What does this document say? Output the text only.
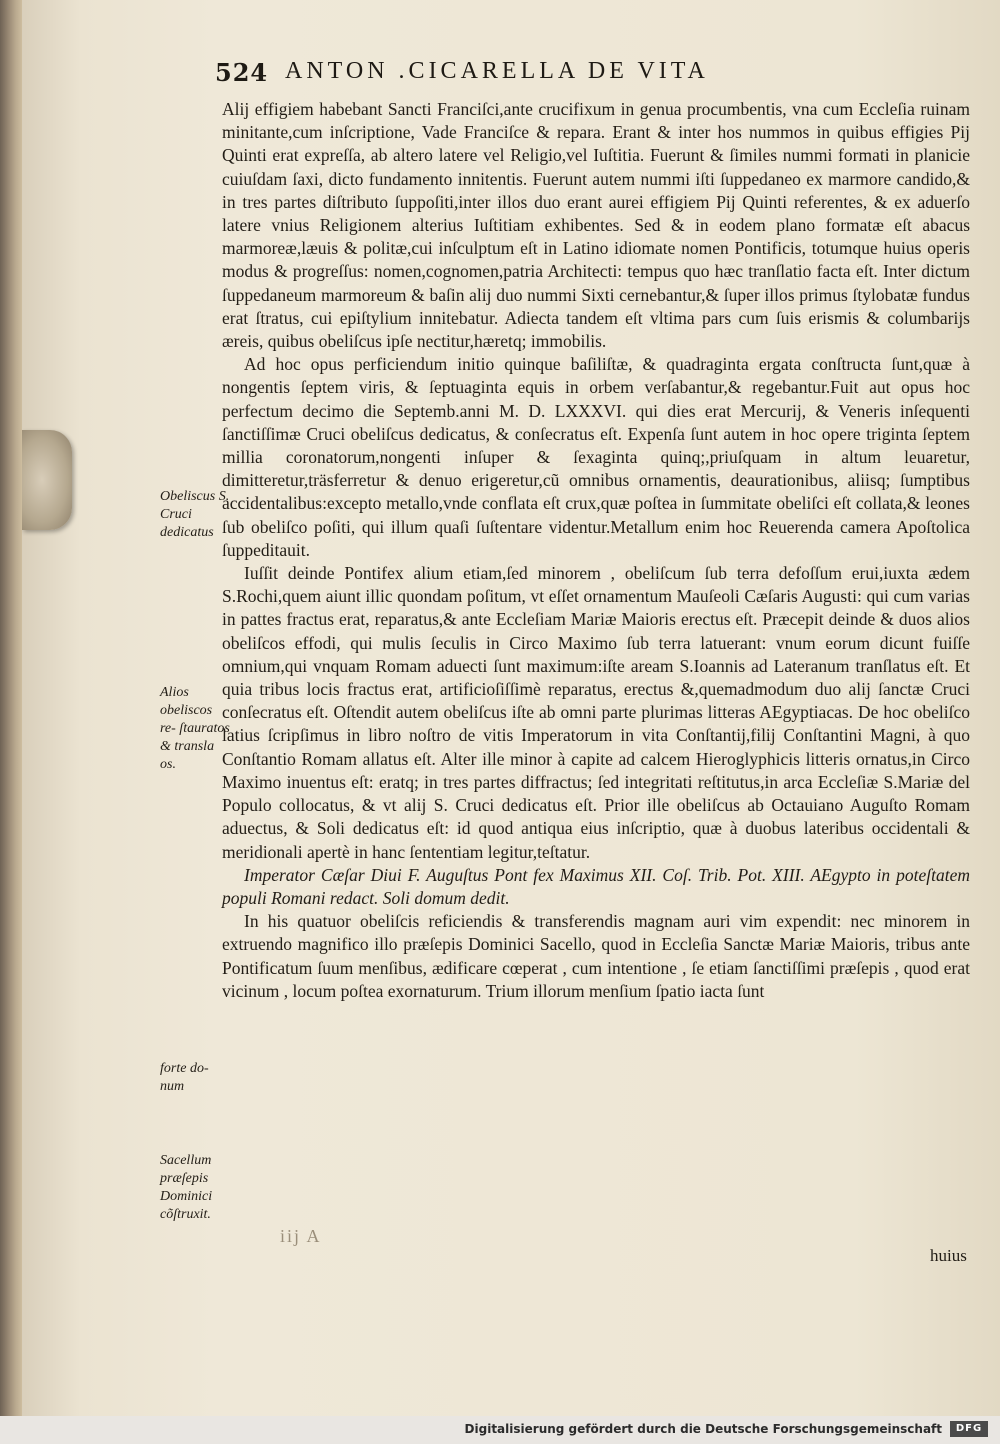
524 ANTON .CICARELLA DE VITA
Obeliscus S. Cruci dedicatus
Alios obeliscos re- ſtauratos & transla os.
forte do- num
Sacellum præſepis Dominici cõſtruxit.

Alij effigiem habebant Sancti Franciſci,ante crucifixum in genua procumbentis, vna cum Eccleſia ruinam minitante,cum inſcriptione, Vade Franciſce & repara. Erant & inter hos nummos in quibus effigies Pij Quinti erat expreſſa, ab altero latere vel Religio,vel Iuſtitia. Fuerunt & ſimiles nummi formati in planicie cuiuſdam ſaxi, dicto fundamento innitentis. Fuerunt autem nummi iſti ſuppedaneo ex marmore candido,& in tres partes diſtributo ſuppoſiti,inter illos duo erant aurei effigiem Pij Quinti referentes, & ex aduerſo latere vnius Religionem alterius Iuſtitiam exhibentes. Sed & in eodem plano formatæ eſt abacus marmoreæ,læuis & politæ,cui inſculptum eſt in Latino idiomate nomen Pontificis, totumque huius operis modus & progreſſus: nomen,cognomen,patria Architecti: tempus quo hæc tranſlatio facta eſt. Inter dictum ſuppedaneum marmoreum & baſin alij duo nummi Sixti cernebantur,& ſuper illos primus ſtylobatæ fundus erat ſtratus, cui epiſtylium innitebatur. Adiecta tandem eſt vltima pars cum ſuis erismis & columbarijs æreis, quibus obeliſcus ipſe nectitur,hæretq; immobilis.

Ad hoc opus perficiendum initio quinque baſiliſtæ, & quadraginta ergata conſtructa ſunt,quæ à nongentis ſeptem viris, & ſeptuaginta equis in orbem verſabantur,& regebantur.Fuit aut opus hoc perfectum decimo die Septemb.anni M. D. LXXXVI. qui dies erat Mercurij, & Veneris inſequenti ſanctiſſimæ Cruci obeliſcus dedicatus, & conſecratus eſt. Expenſa ſunt autem in hoc opere triginta ſeptem millia coronatorum,nongenti inſuper & ſexaginta quinq;,priuſquam in altum leuaretur, dimitteretur,träsferretur & denuo erigeretur,cũ omnibus ornamentis, deaurationibus, aliisq; ſumptibus accidentalibus:excepto metallo,vnde conflata eſt crux,quæ poſtea in ſummitate obeliſci eſt collata,& leones ſub obeliſco poſiti, qui illum quaſi ſuſtentare videntur.Metallum enim hoc Reuerenda camera Apoſtolica ſuppeditauit.

Iuſſit deinde Pontifex alium etiam,ſed minorem , obeliſcum ſub terra defoſſum erui,iuxta ædem S.Rochi,quem aiunt illic quondam poſitum, vt eſſet ornamentum Mauſeoli Cæſaris Augusti: qui cum varias in pattes fractus erat, reparatus,& ante Eccleſiam Mariæ Maioris erectus eſt. Præcepit deinde & duos alios obeliſcos effodi, qui mulis ſeculis in Circo Maximo ſub terra latuerant: vnum eorum dicunt fuiſſe omnium,qui vnquam Romam aduecti ſunt maximum:iſte aream S.Ioannis ad Lateranum tranſlatus eſt. Et quia tribus locis fractus erat, artificioſiſſimè reparatus, erectus &,quemadmodum duo alij ſanctæ Cruci conſecratus eſt. Oſtendit autem obeliſcus iſte ab omni parte plurimas litteras AEgyptiacas. De hoc obeliſco latius ſcripſimus in libro noſtro de vitis Imperatorum in vita Conſtantij,filij Conſtantini Magni, à quo Conſtantio Romam allatus eſt. Alter ille minor à capite ad calcem Hieroglyphicis litteris ornatus,in Circo Maximo inuentus eſt: eratq; in tres partes diffractus; ſed integritati reſtitutus,in arca Eccleſiæ S.Mariæ del Populo collocatus, & vt alij S. Cruci dedicatus eſt. Prior ille obeliſcus ab Octauiano Auguſto Romam aduectus, & Soli dedicatus eſt: id quod antiqua eius inſcriptio, quæ à duobus lateribus occidentali & meridionali apertè in hanc ſententiam legitur,teſtatur.

Imperator Cæſar Diui F. Auguſtus Pont fex Maximus XII. Coſ. Trib. Pot. XIII. AEgypto in poteſtatem populi Romani redact. Soli domum dedit.

In his quatuor obeliſcis reficiendis & transferendis magnam auri vim expendit: nec minorem in extruendo magnifico illo præſepis Dominici Sacello, quod in Eccleſia Sanctæ Mariæ Maioris, tribus ante Pontificatum ſuum menſibus, ædificare cœperat , cum intentione , ſe etiam ſanctiſſimi præſepis , quod erat vicinum , locum poſtea exornaturum. Trium illorum menſium ſpatio iacta ſunt

iij A
huius
Digitalisierung gefördert durch die Deutsche Forschungsgemeinschaft	DFG
